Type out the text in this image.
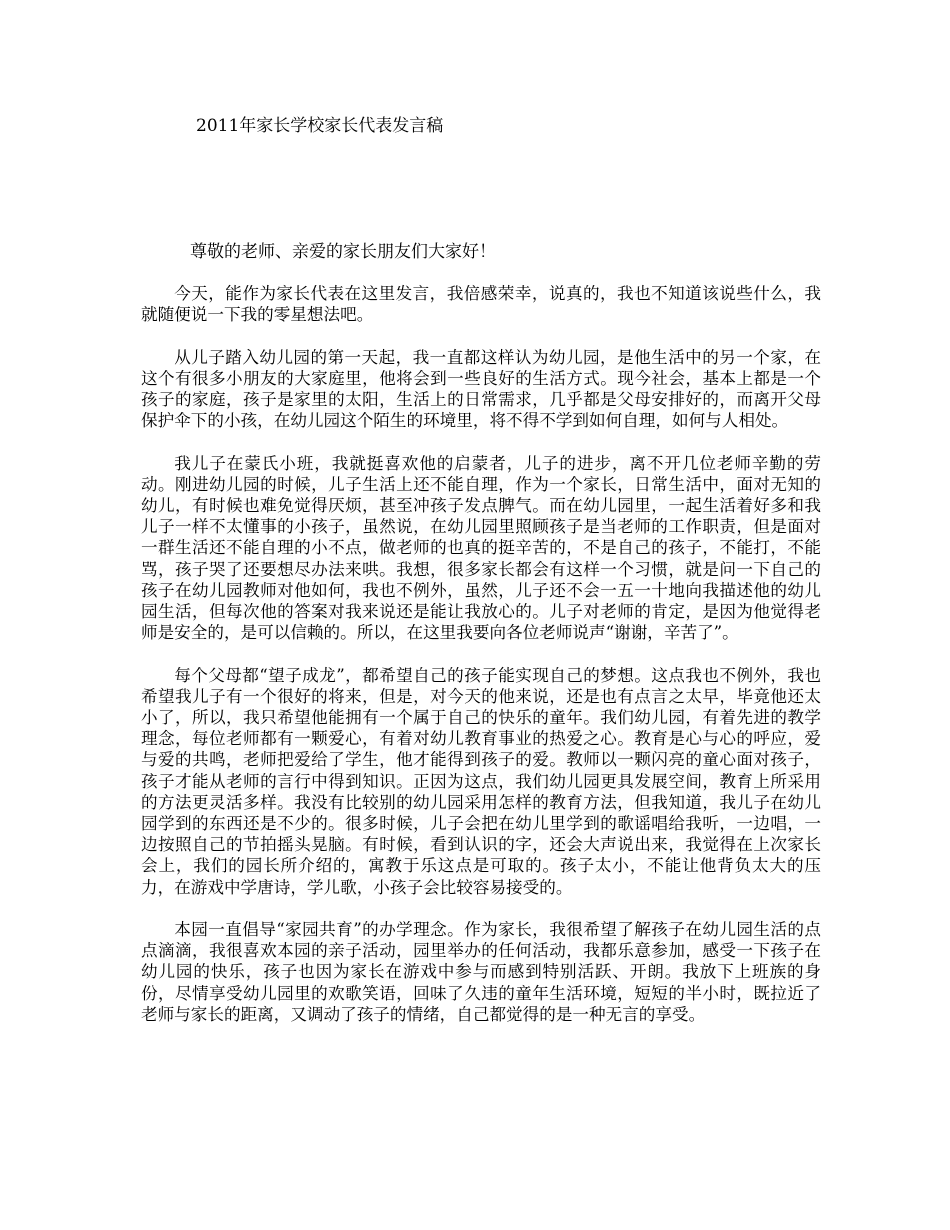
2011年家长学校家长代表发言稿
尊敬的老师、亲爱的家长朋友们大家好！

今天，能作为家长代表在这里发言，我倍感荣幸，说真的，我也不知道该说些什么，我就随便说一下我的零星想法吧。

从儿子踏入幼儿园的第一天起，我一直都这样认为幼儿园，是他生活中的另一个家，在这个有很多小朋友的大家庭里，他将会到一些良好的生活方式。现今社会，基本上都是一个孩子的家庭，孩子是家里的太阳，生活上的日常需求，几乎都是父母安排好的，而离开父母保护伞下的小孩，在幼儿园这个陌生的环境里，将不得不学到如何自理，如何与人相处。

我儿子在蒙氏小班，我就挺喜欢他的启蒙者，儿子的进步，离不开几位老师辛勤的劳动。刚进幼儿园的时候，儿子生活上还不能自理，作为一个家长，日常生活中，面对无知的幼儿，有时候也难免觉得厌烦，甚至冲孩子发点脾气。而在幼儿园里，一起生活着好多和我儿子一样不太懂事的小孩子，虽然说，在幼儿园里照顾孩子是当老师的工作职责，但是面对一群生活还不能自理的小不点，做老师的也真的挺辛苦的，不是自己的孩子，不能打，不能骂，孩子哭了还要想尽办法来哄。我想，很多家长都会有这样一个习惯，就是问一下自己的孩子在幼儿园教师对他如何，我也不例外，虽然，儿子还不会一五一十地向我描述他的幼儿园生活，但每次他的答案对我来说还是能让我放心的。儿子对老师的肯定，是因为他觉得老师是安全的，是可以信赖的。所以，在这里我要向各位老师说声“谢谢，辛苦了”。

每个父母都“望子成龙”，都希望自己的孩子能实现自己的梦想。这点我也不例外，我也希望我儿子有一个很好的将来，但是，对今天的他来说，还是也有点言之太早，毕竟他还太小了，所以，我只希望他能拥有一个属于自己的快乐的童年。我们幼儿园，有着先进的教学理念，每位老师都有一颗爱心，有着对幼儿教育事业的热爱之心。教育是心与心的呼应，爱与爱的共鸣，老师把爱给了学生，他才能得到孩子的爱。教师以一颗闪亮的童心面对孩子，孩子才能从老师的言行中得到知识。正因为这点，我们幼儿园更具发展空间，教育上所采用的方法更灵活多样。我没有比较别的幼儿园采用怎样的教育方法，但我知道，我儿子在幼儿园学到的东西还是不少的。很多时候，儿子会把在幼儿里学到的歌谣唱给我听，一边唱，一边按照自己的节拍摇头晃脑。有时候，看到认识的字，还会大声说出来，我觉得在上次家长会上，我们的园长所介绍的，寓教于乐这点是可取的。孩子太小，不能让他背负太大的压力，在游戏中学唐诗，学儿歌，小孩子会比较容易接受的。

本园一直倡导“家园共育”的办学理念。作为家长，我很希望了解孩子在幼儿园生活的点点滴滴，我很喜欢本园的亲子活动，园里举办的任何活动，我都乐意参加，感受一下孩子在幼儿园的快乐，孩子也因为家长在游戏中参与而感到特别活跃、开朗。我放下上班族的身份，尽情享受幼儿园里的欢歌笑语，回味了久违的童年生活环境，短短的半小时，既拉近了老师与家长的距离，又调动了孩子的情绪，自己都觉得的是一种无言的享受。
